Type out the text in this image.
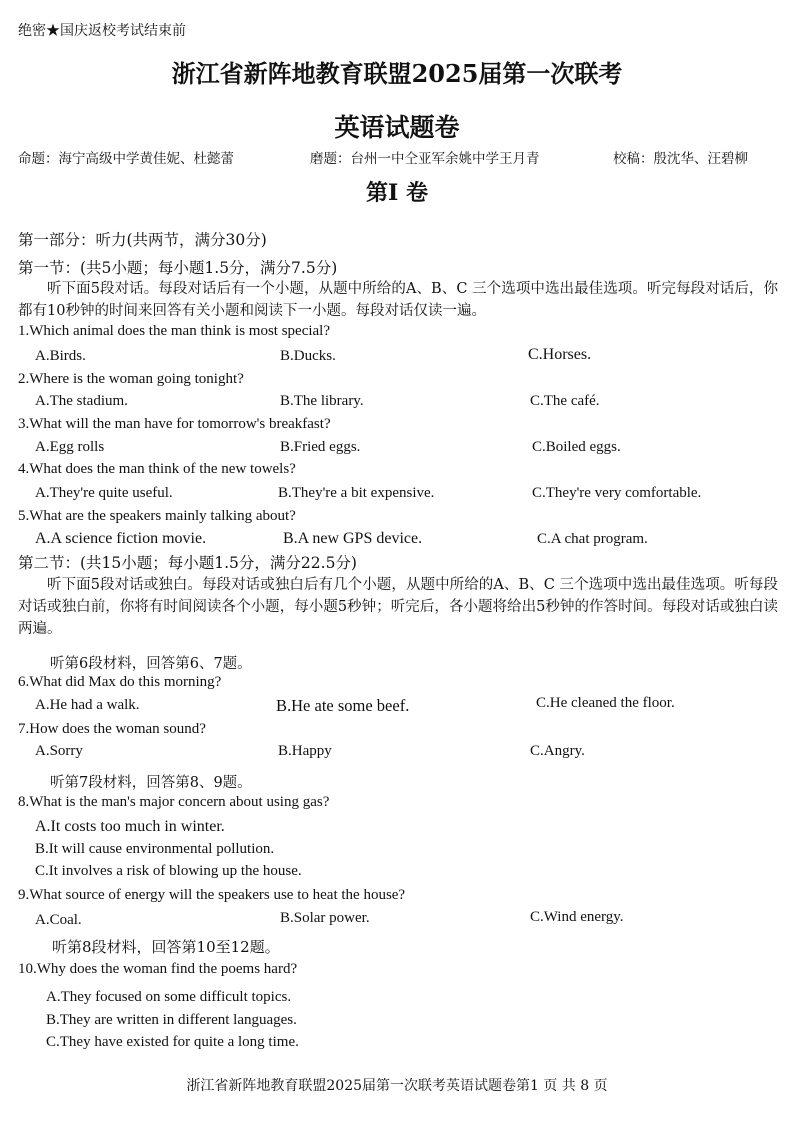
绝密★国庆返校考试结束前
浙江省新阵地教育联盟2025届第一次联考
英语试题卷
命题：海宁高级中学黄佳妮、杜懿蕾	磨题：台州一中仝亚军余姚中学王月青	校稿：殷沈华、汪碧柳
第I 卷
第一部分：听力(共两节，满分30分)
第一节：(共5小题；每小题1.5分，满分7.5分)
听下面5段对话。每段对话后有一个小题，从题中所给的A、B、C 三个选项中选出最佳选项。听完每段对话后，你都有10秒钟的时间来回答有关小题和阅读下一小题。每段对话仅读一遍。
1.Which animal does the man think is most special?
A.Birds.	B.Ducks.	C.Horses.
2.Where is the woman going tonight?
A.The stadium.	B.The library.	C.The café.
3.What will the man have for tomorrow's breakfast?
A.Egg rolls	B.Fried eggs.	C.Boiled eggs.
4.What does the man think of the new towels?
A.They're quite useful.	B.They're a bit expensive.	C.They're very comfortable.
5.What are the speakers mainly talking about?
A.A science fiction movie.	B.A new GPS device.	C.A chat program.
第二节：(共15小题；每小题1.5分，满分22.5分)
听下面5段对话或独白。每段对话或独白后有几个小题，从题中所给的A、B、C 三个选项中选出最佳选项。听每段对话或独白前，你将有时间阅读各个小题，每小题5秒钟；听完后，各小题将给出5秒钟的作答时间。每段对话或独白读两遍。
听第6段材料，回答第6、7题。
6.What did Max do this morning?
A.He had a walk.	B.He ate some beef.	C.He cleaned the floor.
7.How does the woman sound?
A.Sorry	B.Happy	C.Angry.
听第7段材料，回答第8、9题。
8.What is the man's major concern about using gas?
A.It costs too much in winter.
B.It will cause environmental pollution.
C.It involves a risk of blowing up the house.
9.What source of energy will the speakers use to heat the house?
A.Coal.	B.Solar power.	C.Wind energy.
听第8段材料，回答第10至12题。
10.Why does the woman find the poems hard?
A.They focused on some difficult topics.
B.They are written in different languages.
C.They have existed for quite a long time.
浙江省新阵地教育联盟2025届第一次联考英语试题卷第1 页 共 8 页
